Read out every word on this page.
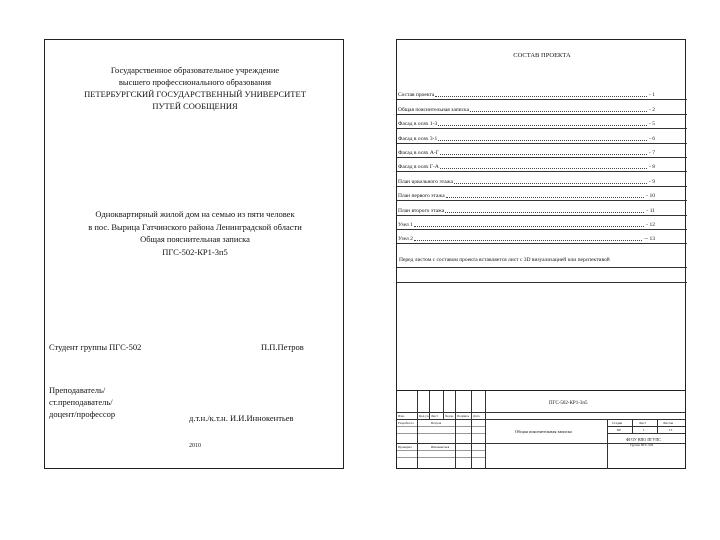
Государственное образовательное учреждение
высшего профессионального образования
ПЕТЕРБУРГСКИЙ ГОСУДАРСТВЕННЫЙ УНИВЕРСИТЕТ
ПУТЕЙ СООБЩЕНИЯ
Одноквартирный жилой дом на семью из пяти человек
в пос. Вырица Гатчинского района Ленинградской области
Общая пояснительная записка
ПГС-502-КР1-3п5
Студент группы ПГС-502	П.П.Петров
Преподаватель/
ст.преподаватель/
доцент/профессор	д.т.н./к.т.н. И.И.Иннокентьев
2010
СОСТАВ ПРОЕКТА
Состав проекта	- 1
Общая пояснительная записка	- 2
Фасад в осях 1-3	- 5
Фасад в осях 3-1	- 6
Фасад в осях А-Г	- 7
Фасад в осях Г-А	- 8
План цокольного этажа	- 9
План первого этажа	- 10
План второго этажа	- 11
Узел 1	- 12
Узел 2	-- 13
Перед листом с составом проекта вставляется лист с 3D визуализацией или перспективой
ПГС-502-КР1-3п5
Изм.	Кол.уч. Лист №док. Подпись Дата
Разработал	Петров
Проверил	Иннокентьев
Общая пояснительная записка
Стадия	Лист	Листов
КР	1	13
ФГОУ ВПО ПГУПС
Группа ПГС-502
